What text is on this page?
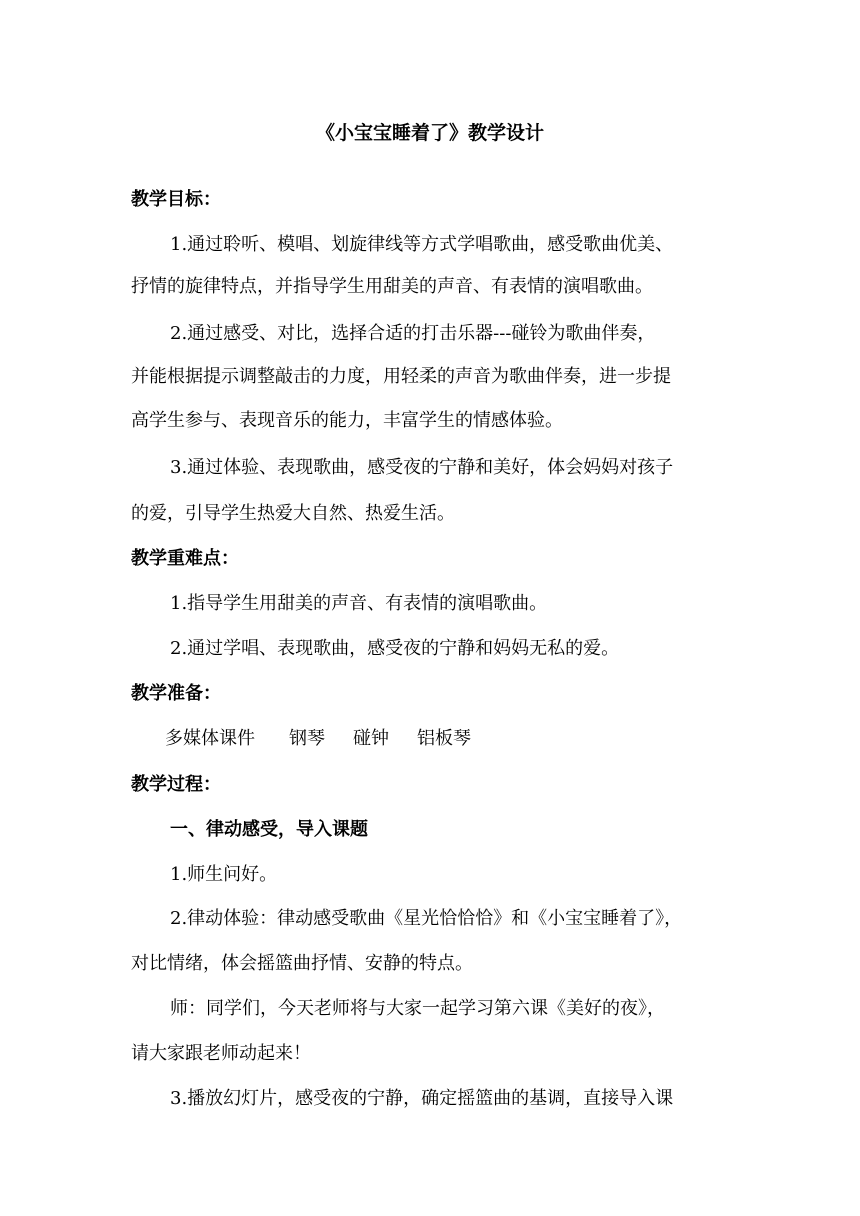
《小宝宝睡着了》教学设计
教学目标：
1.通过聆听、模唱、划旋律线等方式学唱歌曲，感受歌曲优美、
抒情的旋律特点，并指导学生用甜美的声音、有表情的演唱歌曲。
2.通过感受、对比，选择合适的打击乐器---碰铃为歌曲伴奏，
并能根据提示调整敲击的力度，用轻柔的声音为歌曲伴奏，进一步提
高学生参与、表现音乐的能力，丰富学生的情感体验。
3.通过体验、表现歌曲，感受夜的宁静和美好，体会妈妈对孩子
的爱，引导学生热爱大自然、热爱生活。
教学重难点：
1.指导学生用甜美的声音、有表情的演唱歌曲。
2.通过学唱、表现歌曲，感受夜的宁静和妈妈无私的爱。
教学准备：
多媒体课件 钢琴 碰钟 铝板琴
教学过程：
一、律动感受，导入课题
1.师生问好。
2.律动体验：律动感受歌曲《星光恰恰恰》和《小宝宝睡着了》，
对比情绪，体会摇篮曲抒情、安静的特点。
师：同学们，今天老师将与大家一起学习第六课《美好的夜》，
请大家跟老师动起来！
3.播放幻灯片，感受夜的宁静，确定摇篮曲的基调，直接导入课
